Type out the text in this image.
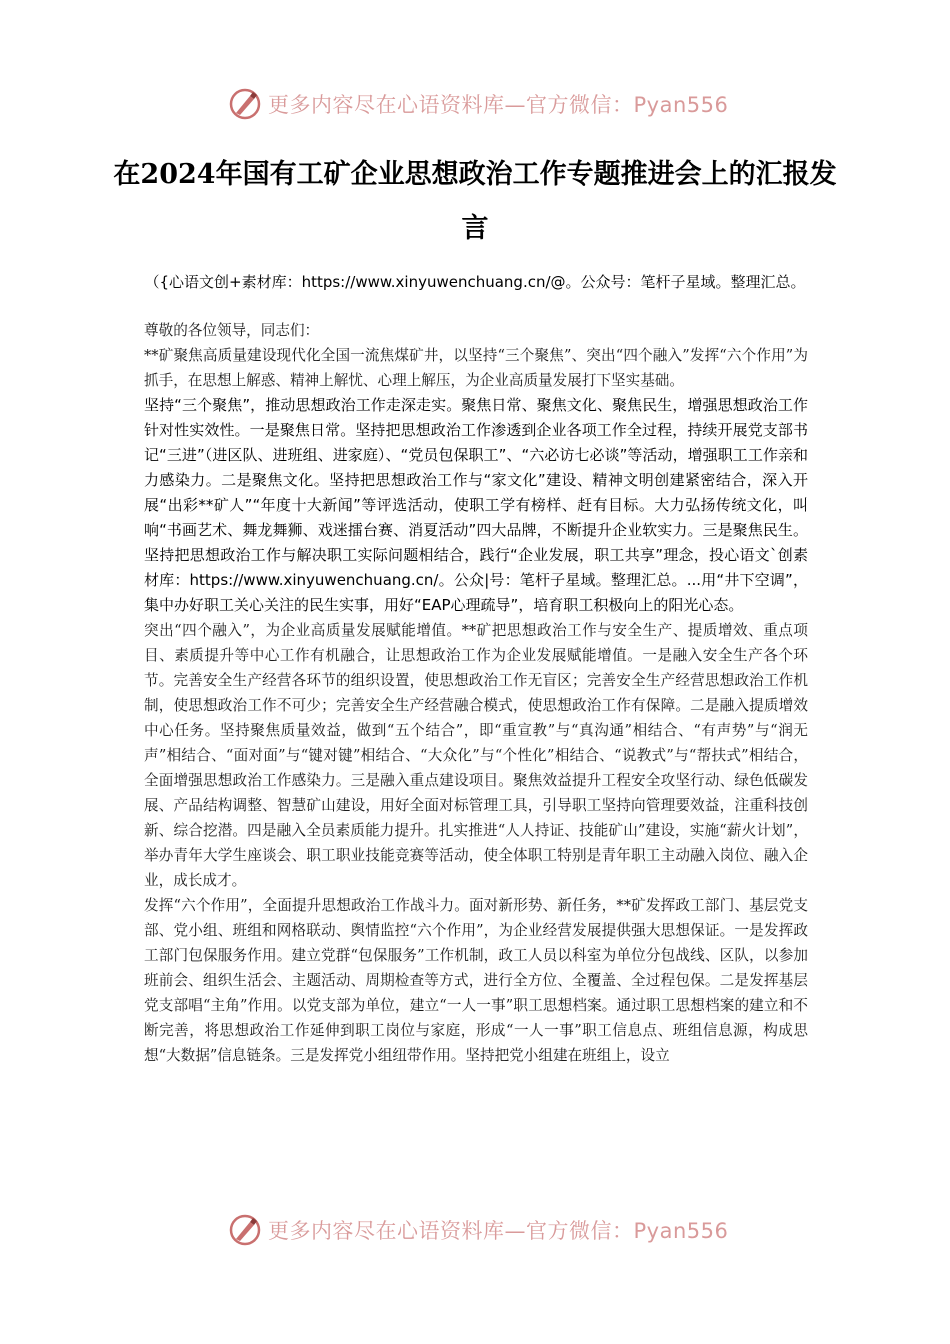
更多内容尽在心语资料库—官方微信：Pyan556
在2024年国有工矿企业思想政治工作专题推进会上的汇报发言
（{心语文创+素材库：https://www.xinyuwenchuang.cn/@。公众号：笔杆子星域。整理汇总。

尊敬的各位领导，同志们：

**矿聚焦高质量建设现代化全国一流焦煤矿井，以坚持“三个聚焦”、突出“四个融入”发挥“六个作用”为抓手，在思想上解惑、精神上解忧、心理上解压，为企业高质量发展打下坚实基础。

坚持“三个聚焦”，推动思想政治工作走深走实。聚焦日常、聚焦文化、聚焦民生，增强思想政治工作针对性实效性。一是聚焦日常。坚持把思想政治工作渗透到企业各项工作全过程，持续开展党支部书记“三进”（进区队、进班组、进家庭）、“党员包保职工”、“六必访七必谈”等活动，增强职工工作亲和力感染力。二是聚焦文化。坚持把思想政治工作与“家文化”建设、精神文明创建紧密结合，深入开展“出彩**矿人”“年度十大新闻”等评选活动，使职工学有榜样、赶有目标。大力弘扬传统文化，叫响“书画艺术、舞龙舞狮、戏迷擂台赛、消夏活动”四大品牌，不断提升企业软实力。三是聚焦民生。坚持把思想政治工作与解决职工实际问题相结合，践行“企业发展，职工共享”理念，投心语文`创素材库：https://www.xinyuwenchuang.cn/。公众|号：笔杆子星域。整理汇总。...用“井下空调”，集中办好职工关心关注的民生实事，用好“EAP心理疏导”，培育职工积极向上的阳光心态。

突出“四个融入”，为企业高质量发展赋能增值。**矿把思想政治工作与安全生产、提质增效、重点项目、素质提升等中心工作有机融合，让思想政治工作为企业发展赋能增值。一是融入安全生产各个环节。完善安全生产经营各环节的组织设置，使思想政治工作无盲区；完善安全生产经营思想政治工作机制，使思想政治工作不可少；完善安全生产经营融合模式，使思想政治工作有保障。二是融入提质增效中心任务。坚持聚焦质量效益，做到“五个结合”，即“重宣教”与“真沟通”相结合、“有声势”与“润无声”相结合、“面对面”与“键对键”相结合、“大众化”与“个性化”相结合、“说教式”与“帮扶式”相结合，全面增强思想政治工作感染力。三是融入重点建设项目。聚焦效益提升工程安全攻坚行动、绿色低碳发展、产品结构调整、智慧矿山建设，用好全面对标管理工具，引导职工坚持向管理要效益，注重科技创新、综合挖潜。四是融入全员素质能力提升。扎实推进“人人持证、技能矿山”建设，实施“薪火计划”，举办青年大学生座谈会、职工职业技能竞赛等活动，使全体职工特别是青年职工主动融入岗位、融入企业，成长成才。

发挥“六个作用”，全面提升思想政治工作战斗力。面对新形势、新任务，**矿发挥政工部门、基层党支部、党小组、班组和网格联动、舆情监控“六个作用”，为企业经营发展提供强大思想保证。一是发挥政工部门包保服务作用。建立党群“包保服务”工作机制，政工人员以科室为单位分包战线、区队，以参加班前会、组织生活会、主题活动、周期检查等方式，进行全方位、全覆盖、全过程包保。二是发挥基层党支部唱“主角”作用。以党支部为单位，建立“一人一事”职工思想档案。通过职工思想档案的建立和不断完善，将思想政治工作延伸到职工岗位与家庭，形成“一人一事”职工信息点、班组信息源，构成思想“大数据”信息链条。三是发挥党小组纽带作用。坚持把党小组建在班组上，设立

更多内容尽在心语资料库—官方微信：Pyan556
